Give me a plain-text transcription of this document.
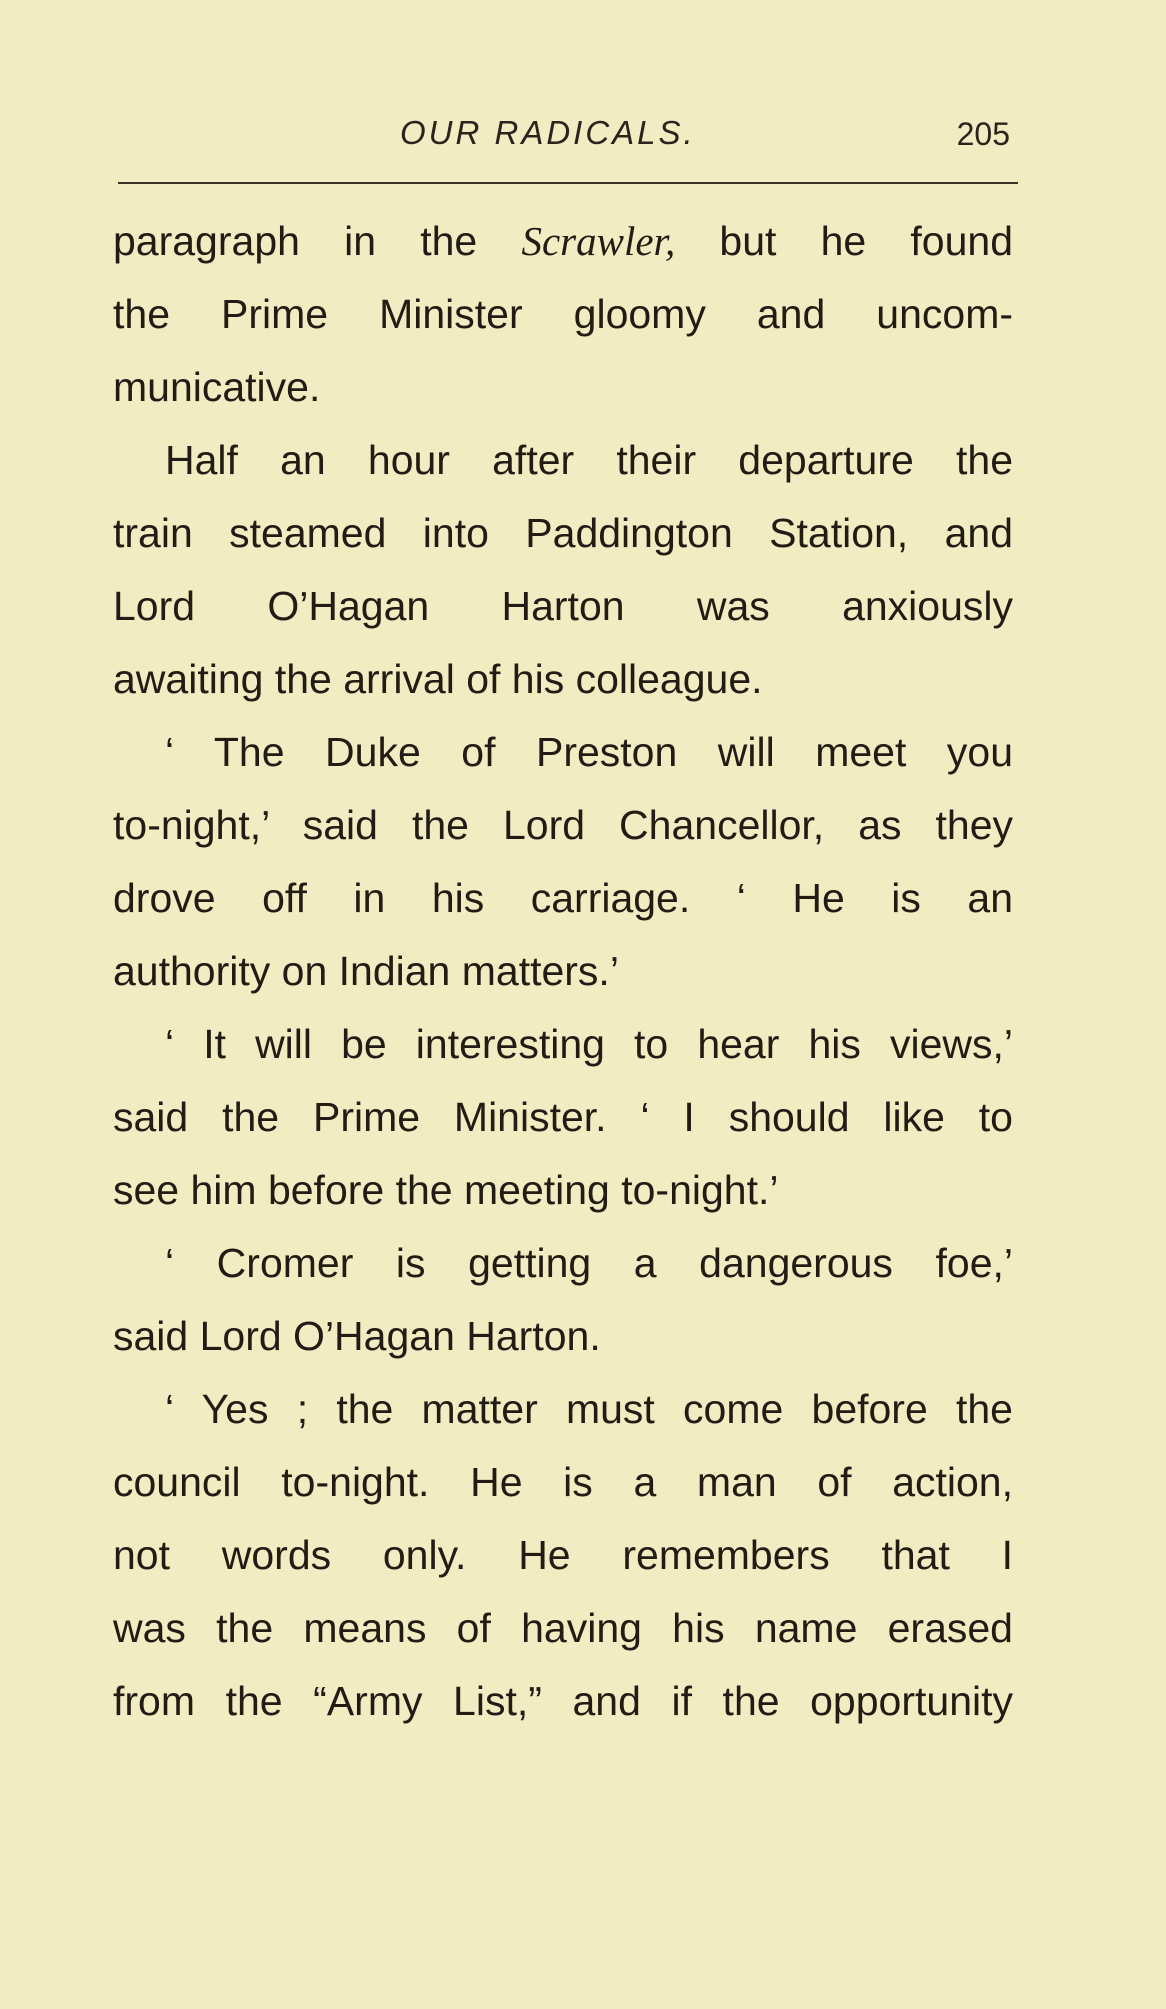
OUR RADICALS.	205
paragraph in the Scrawler, but he found
the Prime Minister gloomy and uncom-
municative.
Half an hour after their departure the
train steamed into Paddington Station, and
Lord O’Hagan Harton was anxiously
awaiting the arrival of his colleague.
‘ The Duke of Preston will meet you
to-night,’ said the Lord Chancellor, as they
drove off in his carriage. ‘ He is an
authority on Indian matters.’
‘ It will be interesting to hear his views,’
said the Prime Minister. ‘ I should like to
see him before the meeting to-night.’
‘ Cromer is getting a dangerous foe,’
said Lord O’Hagan Harton.
‘ Yes ; the matter must come before the
council to-night. He is a man of action,
not words only. He remembers that I
was the means of having his name erased
from the “Army List,” and if the opportunity
